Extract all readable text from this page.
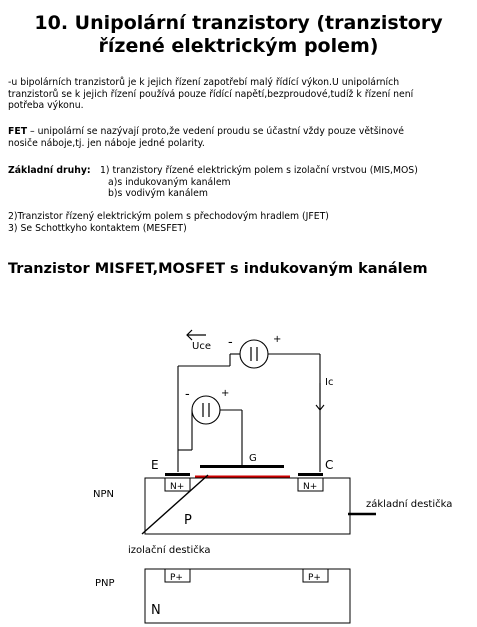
10. Unipolární tranzistory (tranzistory
řízené elektrickým polem)
-u bipolárních tranzistorů je k jejich řízení zapotřebí malý řídící výkon.U unipolárních
tranzistorů se k jejich řízení používá pouze řídící napětí,bezproudové,tudíž k řízení není
potřeba výkonu.
FET – unipolární se nazývají proto,že vedení proudu se účastní vždy pouze většinové
nosiče náboje,tj. jen náboje jedné polarity.
Základní druhy: 1) tranzistory řízené elektrickým polem s izolační vrstvou (MIS,MOS)
a)s indukovaným kanálem
b)s vodivým kanálem
2)Tranzistor řízený elektrickým polem s přechodovým hradlem (JFET)
3) Se Schottkyho kontaktem (MESFET)
Tranzistor MISFET,MOSFET s indukovaným kanálem
Uce -	+
Ic
-	+
E	G	C
N+	N+
P
NPN
základní destička
izolační destička
P+	P+
N
PNP
